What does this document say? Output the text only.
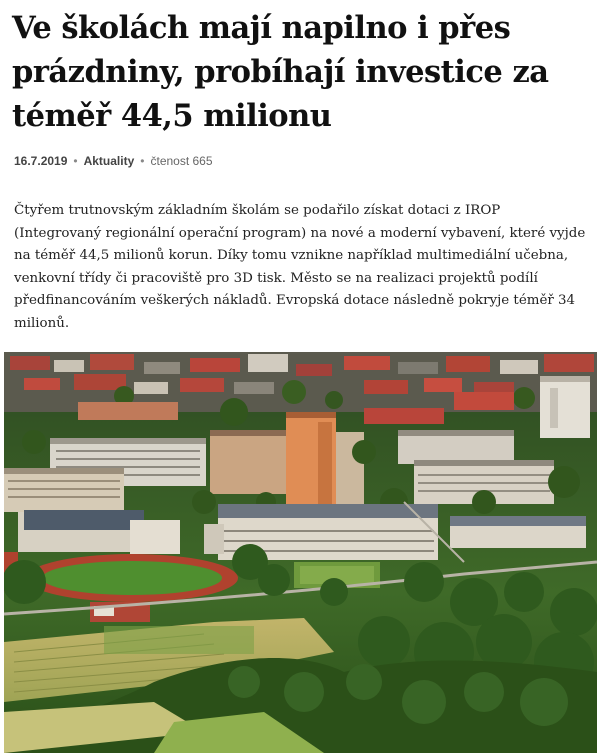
Ve školách mají napilno i přes prázdniny, probíhají investice za téměř 44,5 milionu
16.7.2019 • Aktuality • čtenost 665

Čtyřem trutnovským základním školám se podařilo získat dotaci z IROP (Integrovaný regionální operační program) na nové a moderní vybavení, které vyjde na téměř 44,5 milionů korun. Díky tomu vznikne například multimediální učebna, venkovní třídy či pracoviště pro 3D tisk. Město se na realizaci projektů podílí předfinancováním veškerých nákladů. Evropská dotace následně pokryje téměř 34 milionů.
